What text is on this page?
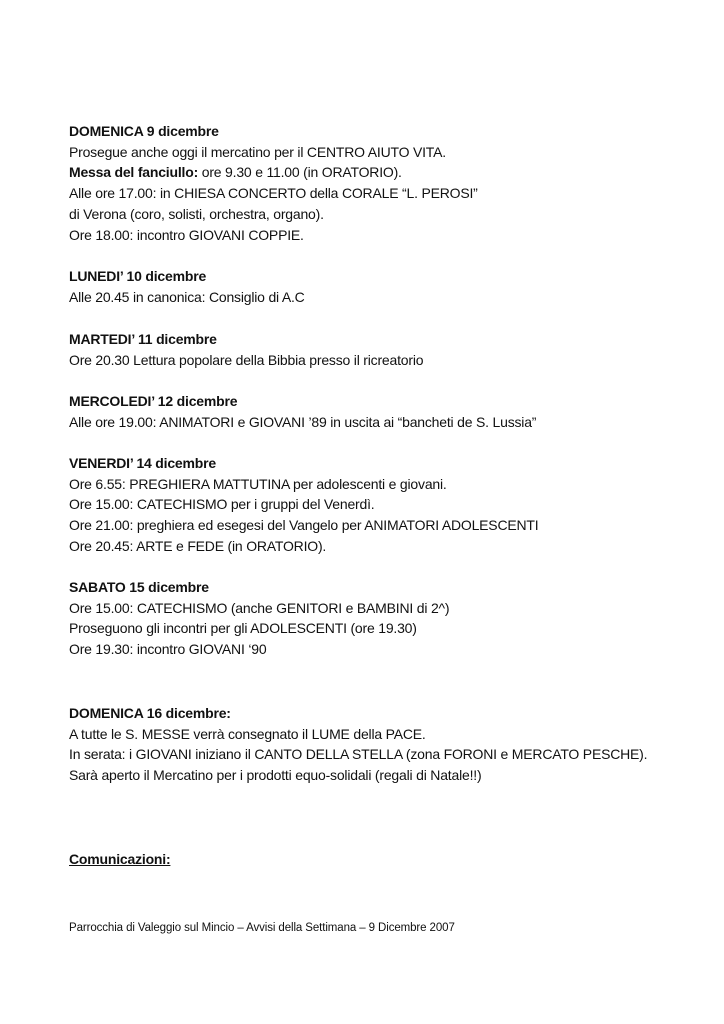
DOMENICA 9 dicembre
Prosegue anche oggi il mercatino per il CENTRO AIUTO VITA.
Messa del fanciullo: ore 9.30 e 11.00 (in ORATORIO).
Alle ore 17.00: in CHIESA CONCERTO della CORALE “L. PEROSI”
di Verona (coro, solisti, orchestra, organo).
Ore 18.00: incontro GIOVANI COPPIE.
LUNEDI’ 10 dicembre
Alle 20.45 in canonica: Consiglio di A.C
MARTEDI’ 11 dicembre
Ore 20.30 Lettura popolare della Bibbia presso il ricreatorio
MERCOLEDI’ 12 dicembre
Alle ore 19.00: ANIMATORI e GIOVANI ’89 in uscita ai “bancheti de S. Lussia”
VENERDI’ 14 dicembre
Ore 6.55: PREGHIERA MATTUTINA per adolescenti e giovani.
Ore 15.00: CATECHISMO per i gruppi del Venerdì.
Ore 21.00: preghiera ed esegesi del Vangelo per ANIMATORI ADOLESCENTI
Ore 20.45: ARTE e FEDE (in ORATORIO).
SABATO 15 dicembre
Ore 15.00: CATECHISMO (anche GENITORI e BAMBINI di 2^)
Proseguono gli incontri per gli ADOLESCENTI (ore 19.30)
Ore 19.30: incontro GIOVANI ‘90
DOMENICA 16 dicembre:
A tutte le S. MESSE verrà consegnato il LUME della PACE.
In serata: i GIOVANI iniziano il CANTO DELLA STELLA (zona FORONI e MERCATO PESCHE).
Sarà aperto il Mercatino per i prodotti equo-solidali (regali di Natale!!)
Comunicazioni:
Parrocchia di Valeggio sul Mincio – Avvisi della Settimana – 9 Dicembre 2007
